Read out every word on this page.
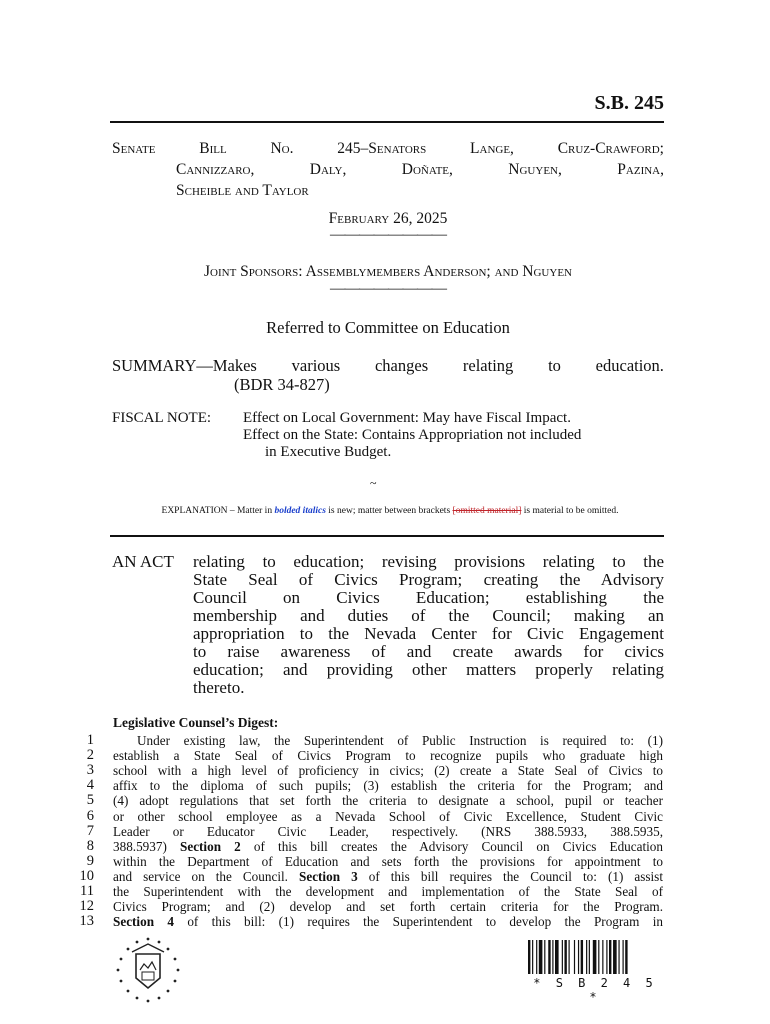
S.B. 245
Senate Bill No. 245–Senators Lange, Cruz-Crawford;
Cannizzaro,	Daly,	Doñate,	Nguyen,	Pazina,
Scheible and Taylor
February 26, 2025
————————
Joint Sponsors: Assemblymembers Anderson; and Nguyen
————————
Referred to Committee on Education
SUMMARY—Makes various changes relating to education.
(BDR 34-827)
FISCAL NOTE: Effect on Local Government: May have Fiscal Impact.
Effect on the State: Contains Appropriation not included
in Executive Budget.
~
EXPLANATION – Matter in bolded italics is new; matter between brackets [omitted material] is material to be omitted.
AN ACT relating to education; revising provisions relating to the
State Seal of Civics Program; creating the Advisory
Council on Civics Education; establishing the
membership and duties of the Council; making an
appropriation to the Nevada Center for Civic Engagement
to raise awareness of and create awards for civics
education; and providing other matters properly relating
thereto.
Legislative Counsel’s Digest:
1
2
3
4
5
6
7
8
9
10
11
12
13
Under existing law, the Superintendent of Public Instruction is required to: (1)
establish a State Seal of Civics Program to recognize pupils who graduate high
school with a high level of proficiency in civics; (2) create a State Seal of Civics to
affix to the diploma of such pupils; (3) establish the criteria for the Program; and
(4) adopt regulations that set forth the criteria to designate a school, pupil or teacher
or other school employee as a Nevada School of Civic Excellence, Student Civic
Leader or Educator Civic Leader, respectively. (NRS 388.5933, 388.5935,
388.5937) Section 2 of this bill creates the Advisory Council on Civics Education
within the Department of Education and sets forth the provisions for appointment to
and service on the Council. Section 3 of this bill requires the Council to: (1) assist
the Superintendent with the development and implementation of the State Seal of
Civics Program; and (2) develop and set forth certain criteria for the Program.
Section 4 of this bill: (1) requires the Superintendent to develop the Program in
* S B 2 4 5 *
